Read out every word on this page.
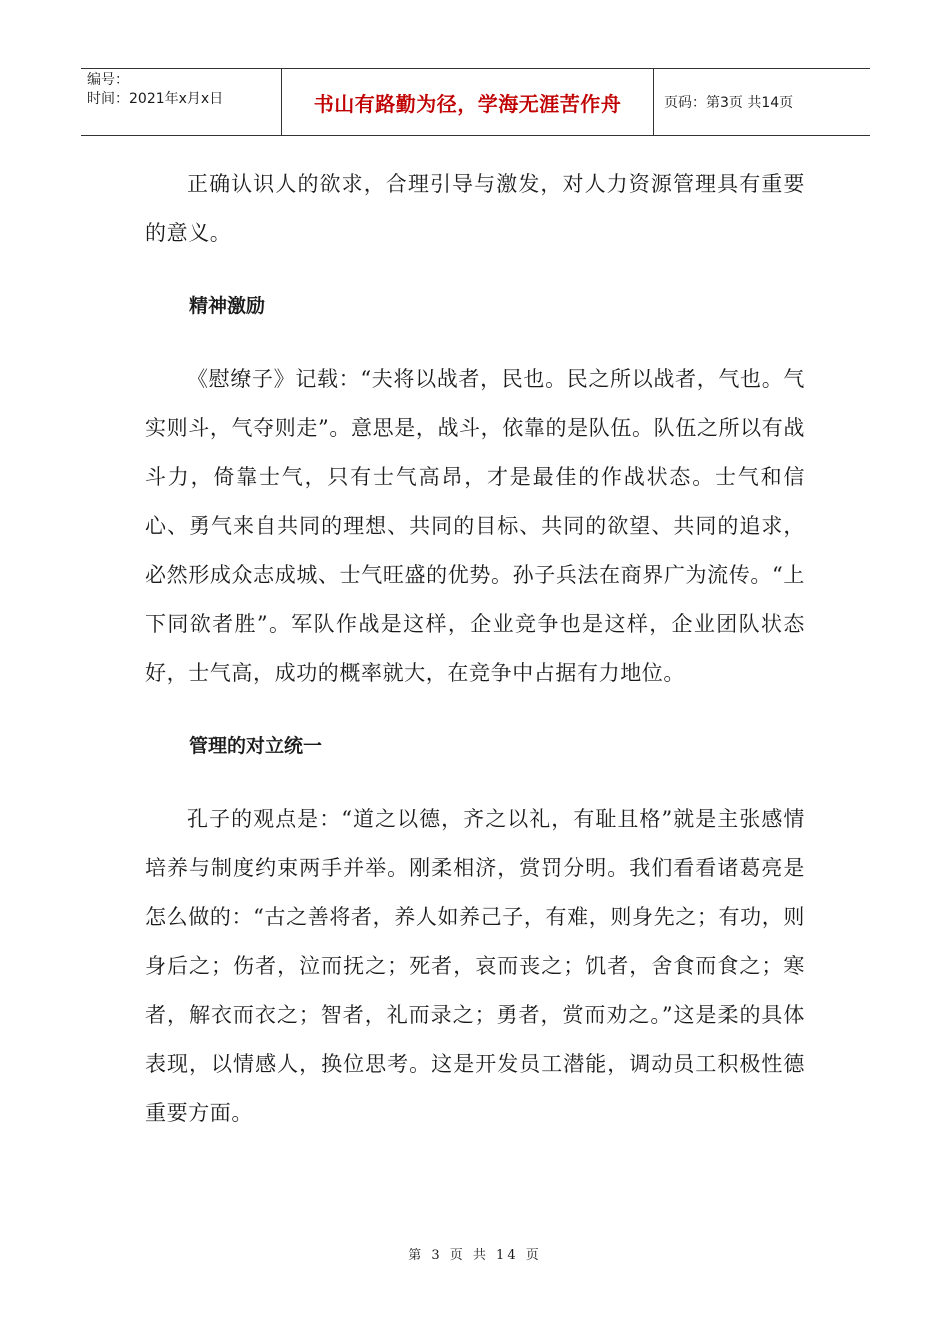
编号：
时间：2021年x月x日	书山有路勤为径，学海无涯苦作舟	页码：第3页 共14页

正确认识人的欲求，合理引导与激发，对人力资源管理具有重要的意义。

精神激励

《慰缭子》记载：“夫将以战者，民也。民之所以战者，气也。气实则斗，气夺则走”。意思是，战斗，依靠的是队伍。队伍之所以有战斗力，倚靠士气，只有士气高昂，才是最佳的作战状态。士气和信心、勇气来自共同的理想、共同的目标、共同的欲望、共同的追求，必然形成众志成城、士气旺盛的优势。孙子兵法在商界广为流传。“上下同欲者胜”。军队作战是这样，企业竞争也是这样，企业团队状态好，士气高，成功的概率就大，在竞争中占据有力地位。

管理的对立统一

孔子的观点是：“道之以德，齐之以礼，有耻且格”就是主张感情培养与制度约束两手并举。刚柔相济，赏罚分明。我们看看诸葛亮是怎么做的：“古之善将者，养人如养己子，有难，则身先之；有功，则身后之；伤者，泣而抚之；死者，哀而丧之；饥者，舍食而食之；寒者，解衣而衣之；智者，礼而录之；勇者，赏而劝之。”这是柔的具体表现，以情感人，换位思考。这是开发员工潜能，调动员工积极性德重要方面。

第 3 页 共 14 页
